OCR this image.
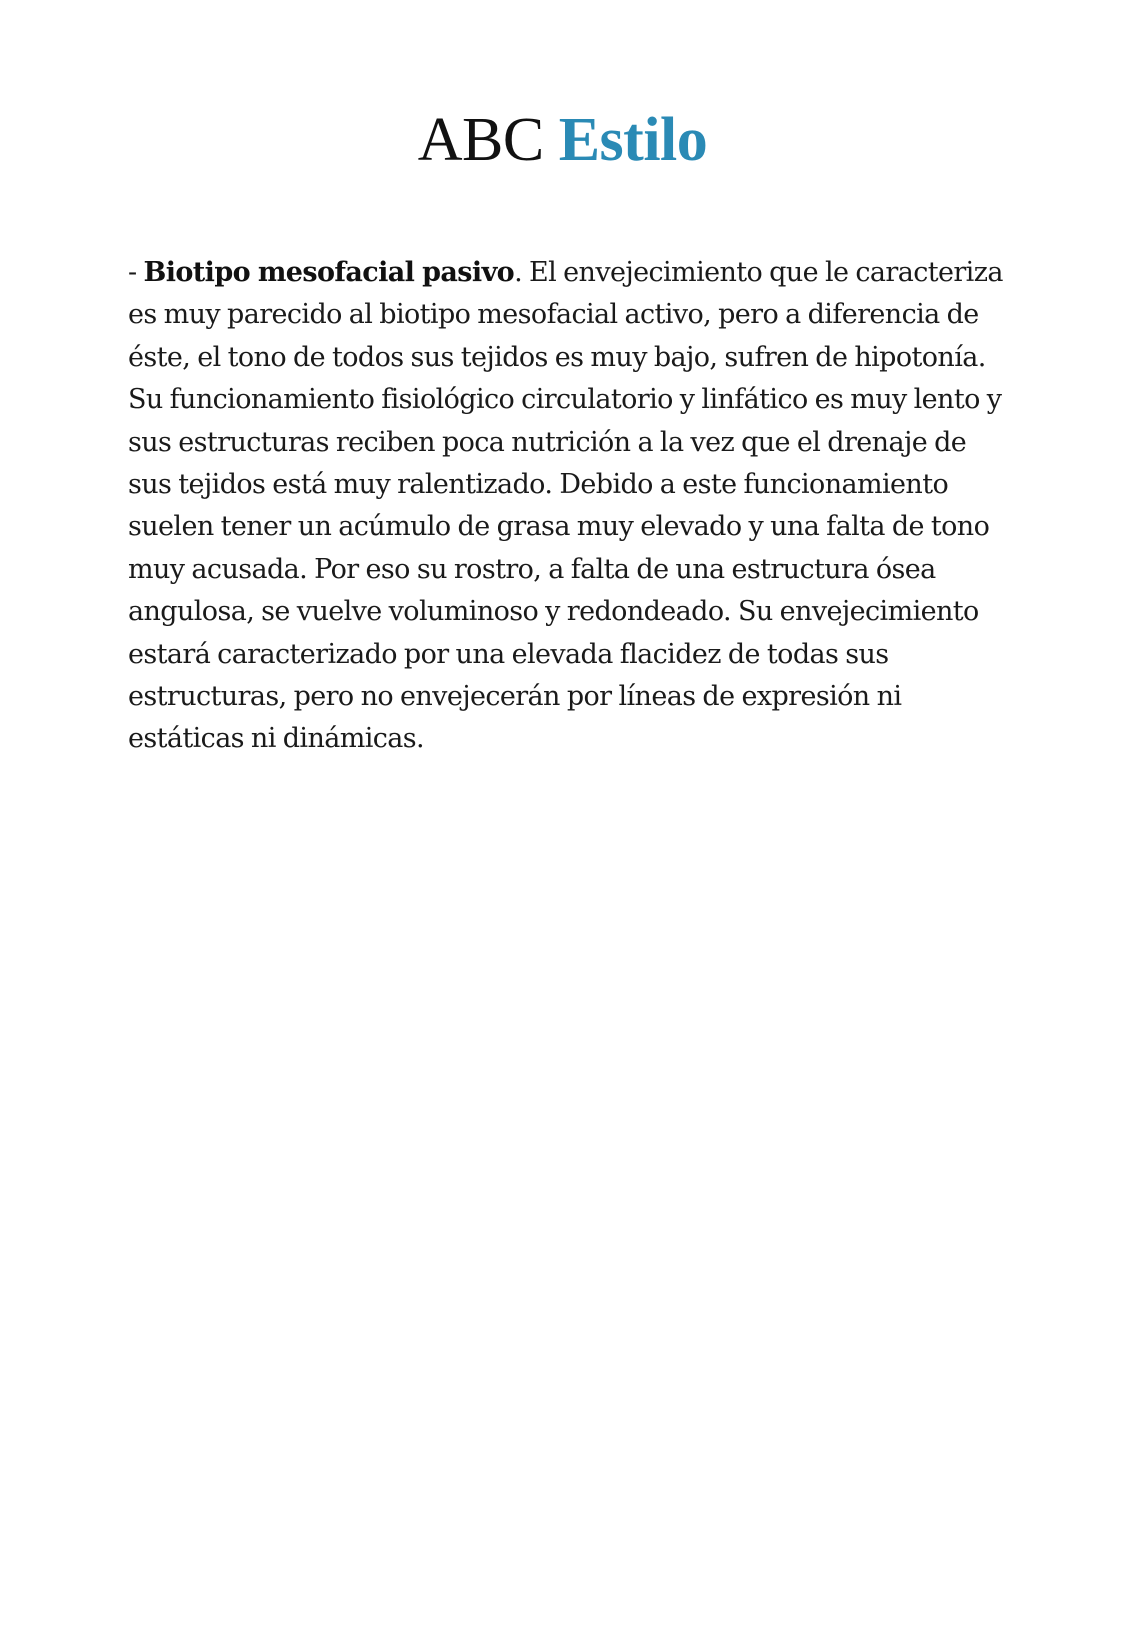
ABC Estilo

- Biotipo mesofacial pasivo. El envejecimiento que le caracteriza es muy parecido al biotipo mesofacial activo, pero a diferencia de éste, el tono de todos sus tejidos es muy bajo, sufren de hipotonía. Su funcionamiento fisiológico circulatorio y linfático es muy lento y sus estructuras reciben poca nutrición a la vez que el drenaje de sus tejidos está muy ralentizado. Debido a este funcionamiento suelen tener un acúmulo de grasa muy elevado y una falta de tono muy acusada. Por eso su rostro, a falta de una estructura ósea angulosa, se vuelve voluminoso y redondeado. Su envejecimiento estará caracterizado por una elevada flacidez de todas sus estructuras, pero no envejecerán por líneas de expresión ni estáticas ni dinámicas.
